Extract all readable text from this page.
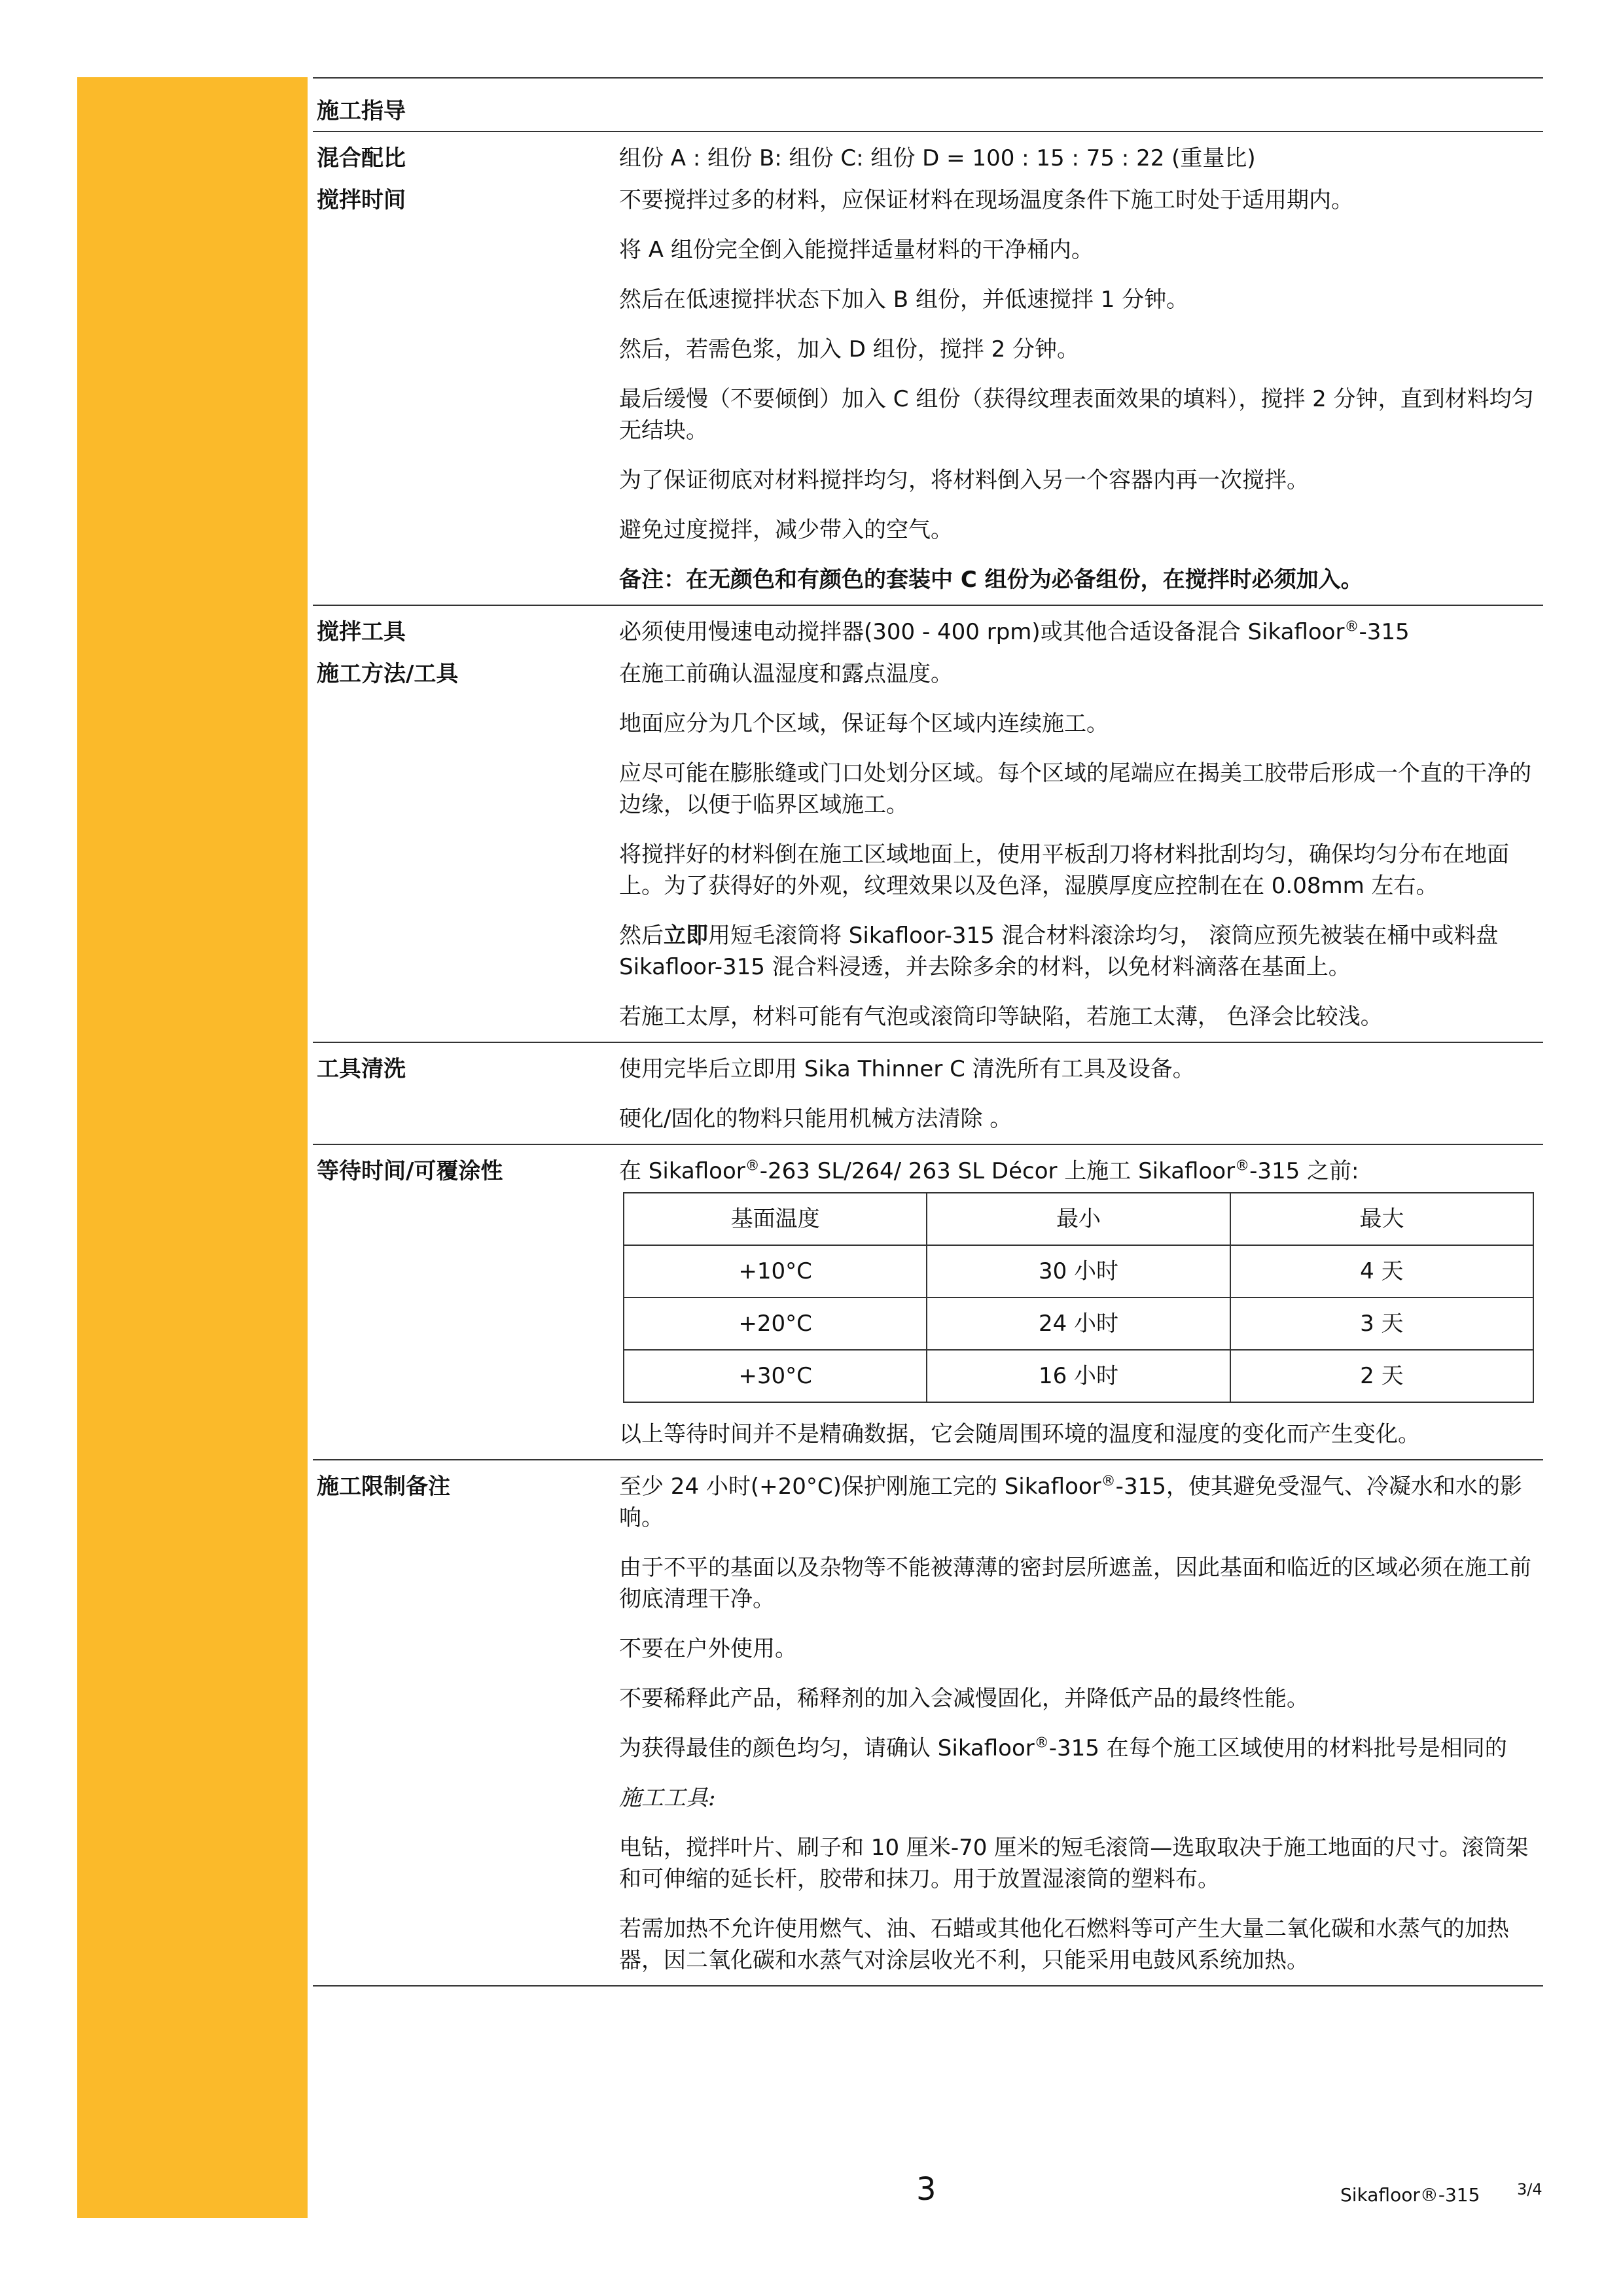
施工指导
混合配比	组份 A : 组份 B: 组份 C: 组份 D = 100 : 15 : 75 : 22 (重量比)
搅拌时间	不要搅拌过多的材料，应保证材料在现场温度条件下施工时处于适用期内。
将 A 组份完全倒入能搅拌适量材料的干净桶内。
然后在低速搅拌状态下加入 B 组份，并低速搅拌 1 分钟。
然后，若需色浆，加入 D 组份，搅拌 2 分钟。
最后缓慢（不要倾倒）加入 C 组份（获得纹理表面效果的填料），搅拌 2 分钟，直到材料均匀无结块。
为了保证彻底对材料搅拌均匀，将材料倒入另一个容器内再一次搅拌。
避免过度搅拌，减少带入的空气。
备注：在无颜色和有颜色的套装中 C 组份为必备组份，在搅拌时必须加入。
搅拌工具	必须使用慢速电动搅拌器(300 - 400 rpm)或其他合适设备混合 Sikafloor®-315
施工方法/工具	在施工前确认温湿度和露点温度。
地面应分为几个区域，保证每个区域内连续施工。
应尽可能在膨胀缝或门口处划分区域。每个区域的尾端应在揭美工胶带后形成一个直的干净的边缘，以便于临界区域施工。
将搅拌好的材料倒在施工区域地面上，使用平板刮刀将材料批刮均匀，确保均匀分布在地面上。为了获得好的外观，纹理效果以及色泽，湿膜厚度应控制在在 0.08mm 左右。
然后立即用短毛滚筒将 Sikafloor-315 混合材料滚涂均匀， 滚筒应预先被装在桶中或料盘 Sikafloor-315 混合料浸透，并去除多余的材料，以免材料滴落在基面上。
若施工太厚，材料可能有气泡或滚筒印等缺陷，若施工太薄， 色泽会比较浅。
工具清洗	使用完毕后立即用 Sika Thinner C 清洗所有工具及设备。
硬化/固化的物料只能用机械方法清除 。
等待时间/可覆涂性	在 Sikafloor®-263 SL/264/ 263 SL Décor 上施工 Sikafloor®-315 之前:
基面温度	最小	最大
+10°C	30 小时	4 天
+20°C	24 小时	3 天
+30°C	16 小时	2 天
以上等待时间并不是精确数据，它会随周围环境的温度和湿度的变化而产生变化。
施工限制备注	至少 24 小时(+20°C)保护刚施工完的 Sikafloor®-315，使其避免受湿气、冷凝水和水的影响。
由于不平的基面以及杂物等不能被薄薄的密封层所遮盖，因此基面和临近的区域必须在施工前彻底清理干净。
不要在户外使用。
不要稀释此产品，稀释剂的加入会减慢固化，并降低产品的最终性能。
为获得最佳的颜色均匀，请确认 Sikafloor®-315 在每个施工区域使用的材料批号是相同的
施工工具:
电钻，搅拌叶片、刷子和 10 厘米-70 厘米的短毛滚筒—选取取决于施工地面的尺寸。滚筒架和可伸缩的延长杆，胶带和抹刀。用于放置湿滚筒的塑料布。
若需加热不允许使用燃气、油、石蜡或其他化石燃料等可产生大量二氧化碳和水蒸气的加热器，因二氧化碳和水蒸气对涂层收光不利，只能采用电鼓风系统加热。
3	Sikafloor®-315 3/4
